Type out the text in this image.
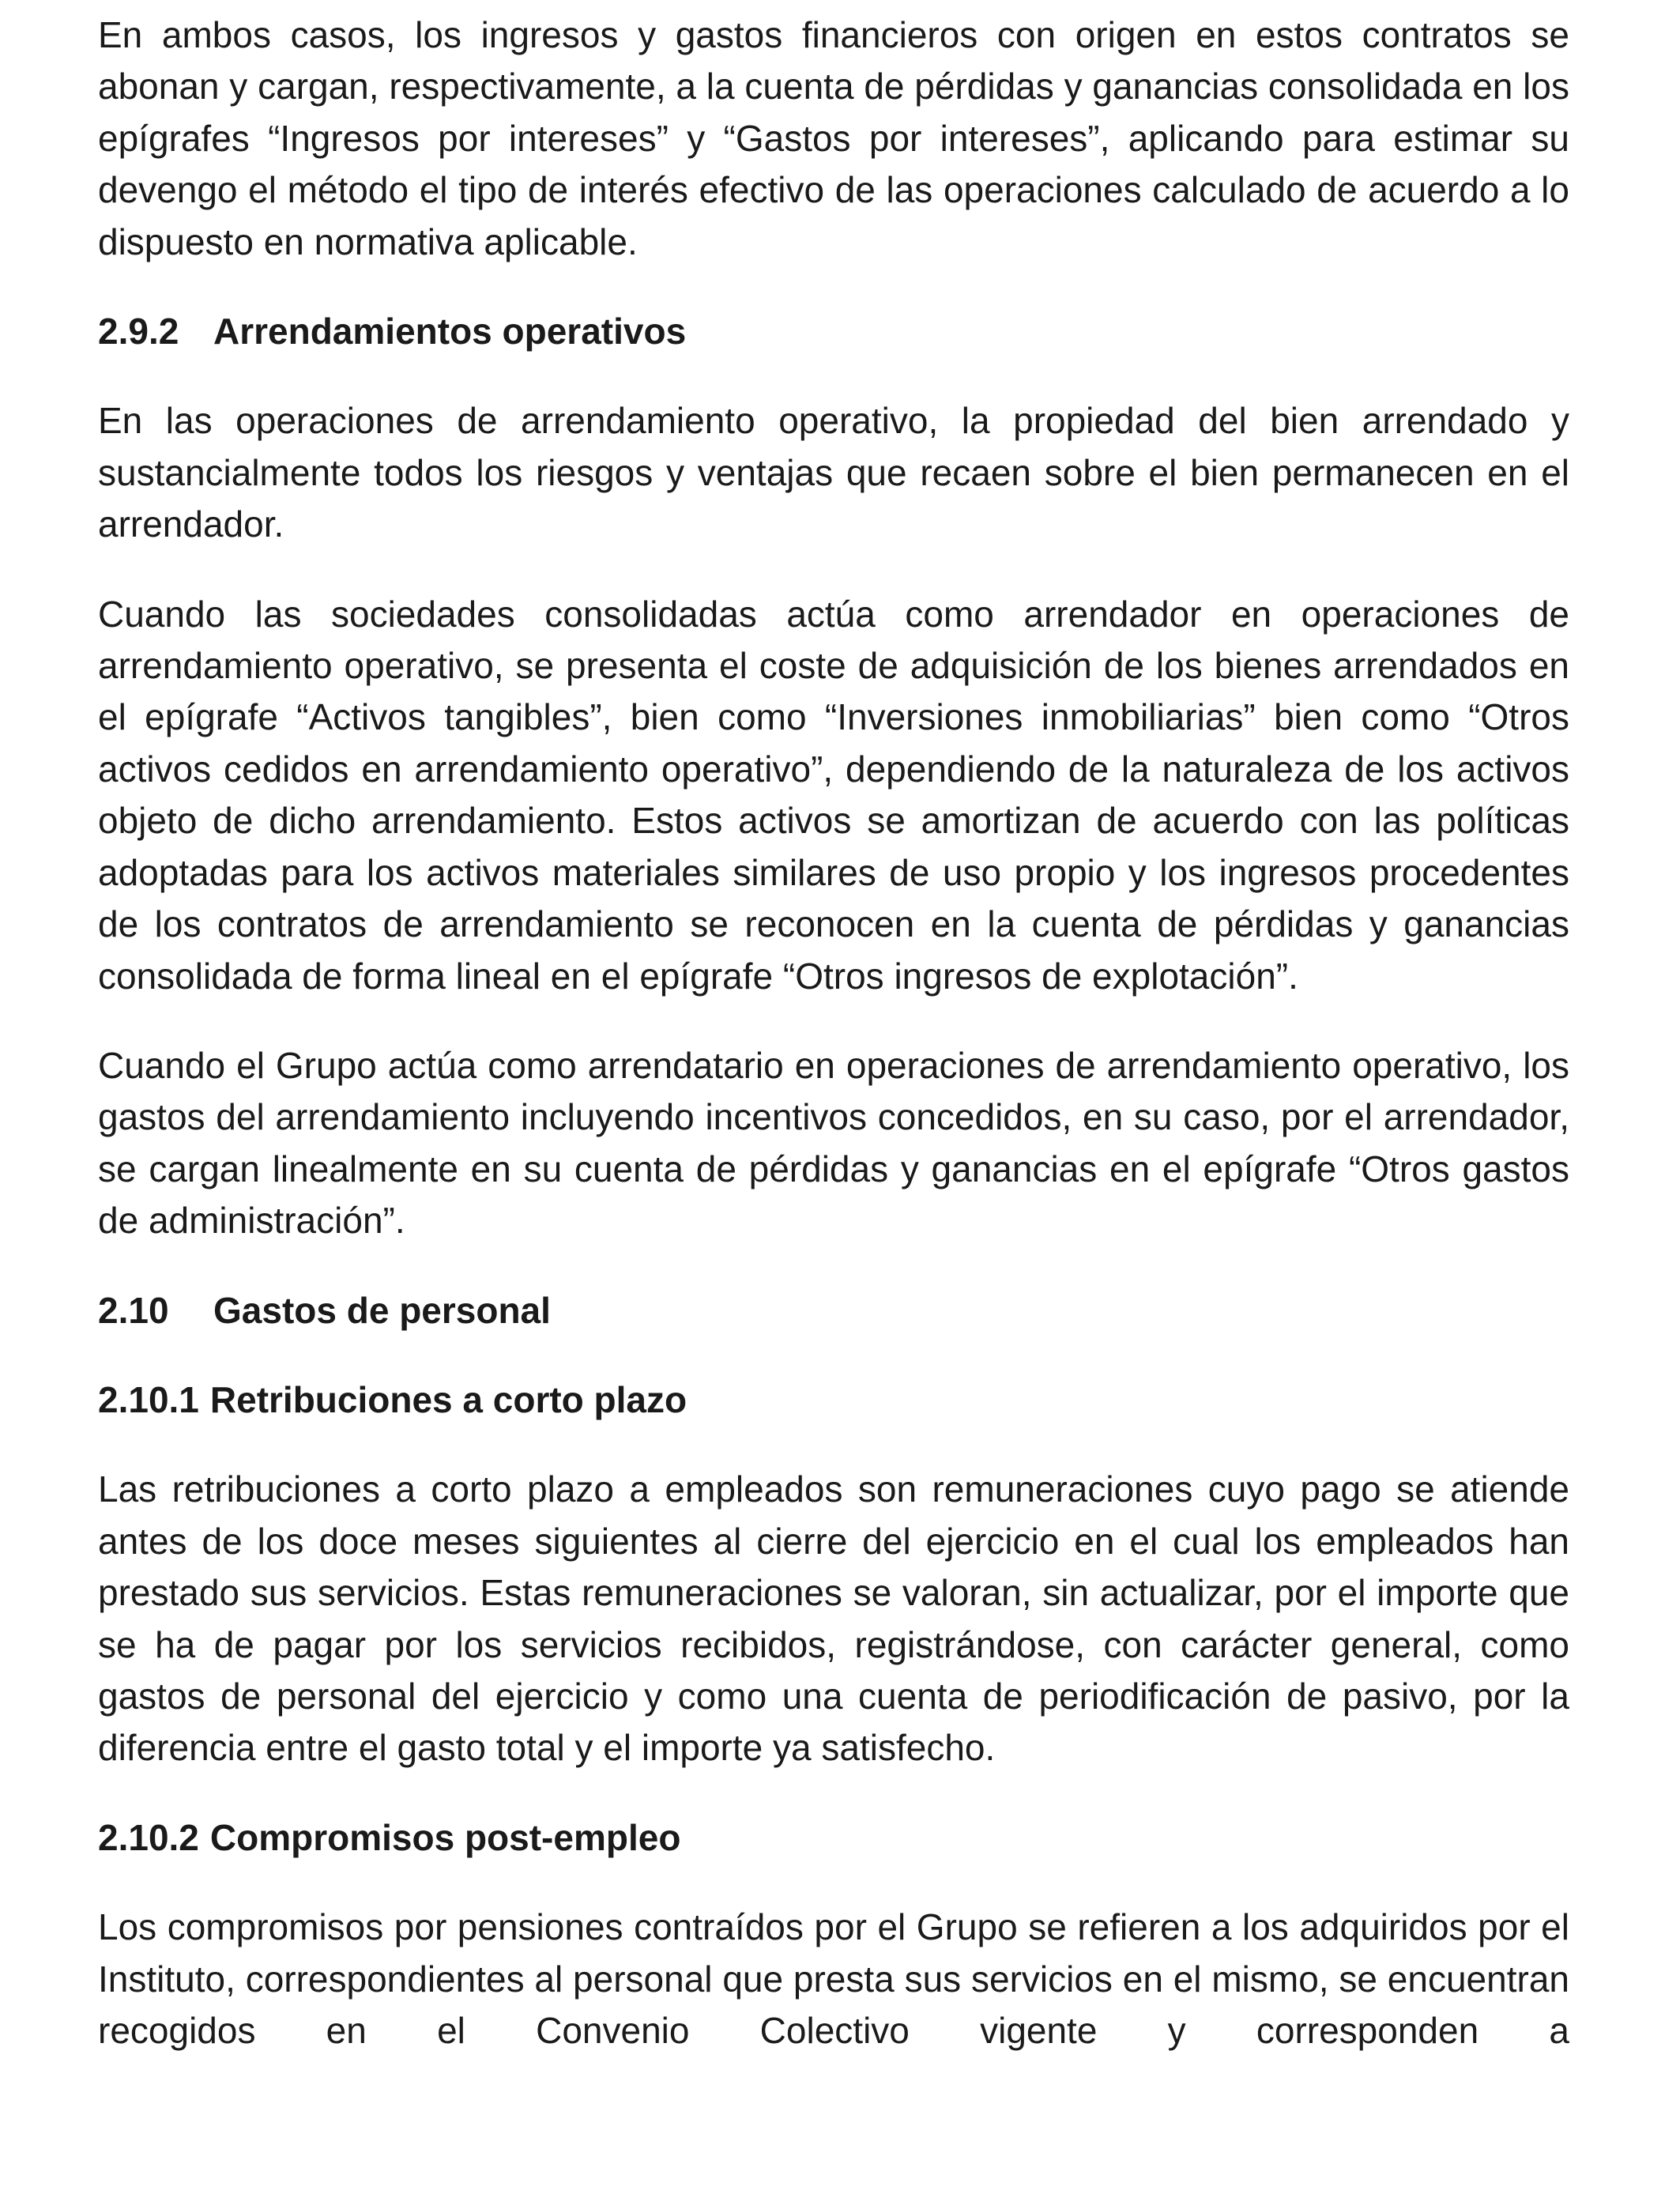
En ambos casos, los ingresos y gastos financieros con origen en estos contratos se abonan y cargan, respectivamente, a la cuenta de pérdidas y ganancias consolidada en los epígrafes “Ingresos por intereses” y “Gastos por intereses”, aplicando para estimar su devengo el método el tipo de interés efectivo de las operaciones calculado de acuerdo a lo dispuesto en normativa aplicable.

2.9.2 Arrendamientos operativos

En las operaciones de arrendamiento operativo, la propiedad del bien arrendado y sustancialmente todos los riesgos y ventajas que recaen sobre el bien permanecen en el arrendador.

Cuando las sociedades consolidadas actúa como arrendador en operaciones de arrendamiento operativo, se presenta el coste de adquisición de los bienes arrendados en el epígrafe “Activos tangibles”, bien como “Inversiones inmobiliarias” bien como “Otros activos cedidos en arrendamiento operativo”, dependiendo de la naturaleza de los activos objeto de dicho arrendamiento. Estos activos se amortizan de acuerdo con las políticas adoptadas para los activos materiales similares de uso propio y los ingresos procedentes de los contratos de arrendamiento se reconocen en la cuenta de pérdidas y ganancias consolidada de forma lineal en el epígrafe “Otros ingresos de explotación”.

Cuando el Grupo actúa como arrendatario en operaciones de arrendamiento operativo, los gastos del arrendamiento incluyendo incentivos concedidos, en su caso, por el arrendador, se cargan linealmente en su cuenta de pérdidas y ganancias en el epígrafe “Otros gastos de administración”.

2.10	Gastos de personal
2.10.1 Retribuciones a corto plazo

Las retribuciones a corto plazo a empleados son remuneraciones cuyo pago se atiende antes de los doce meses siguientes al cierre del ejercicio en el cual los empleados han prestado sus servicios. Estas remuneraciones se valoran, sin actualizar, por el importe que se ha de pagar por los servicios recibidos, registrándose, con carácter general, como gastos de personal del ejercicio y como una cuenta de periodificación de pasivo, por la diferencia entre el gasto total y el importe ya satisfecho.

2.10.2 Compromisos post-empleo

Los compromisos por pensiones contraídos por el Grupo se refieren a los adquiridos por el Instituto, correspondientes al personal que presta sus servicios en el mismo, se encuentran recogidos en el Convenio Colectivo vigente y corresponden a
